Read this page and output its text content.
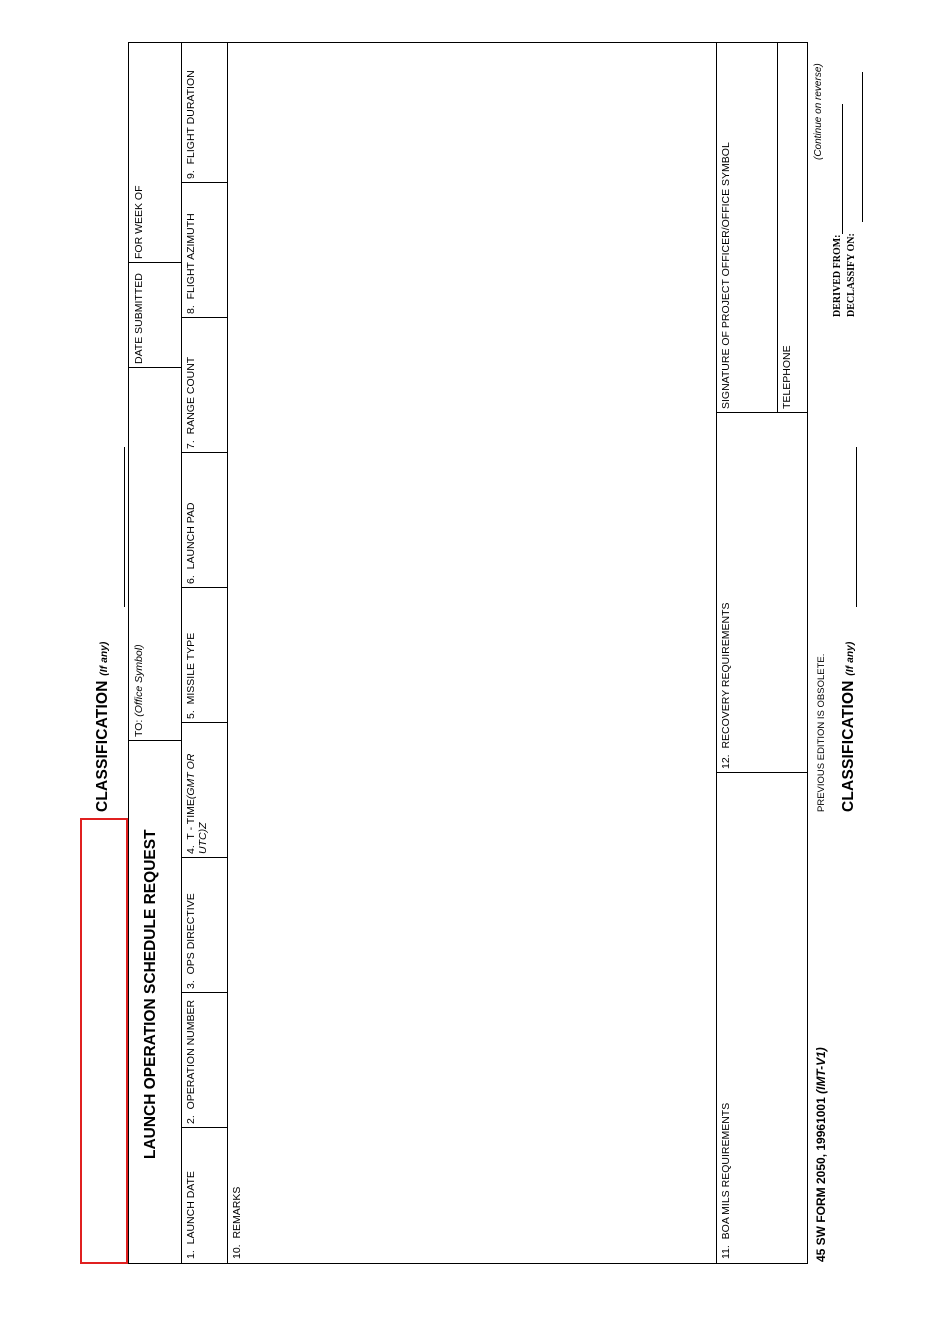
CLASSIFICATION (If any)
LAUNCH OPERATION SCHEDULE REQUEST
TO: (Office Symbol)
DATE SUBMITTED
FOR WEEK OF
1.  LAUNCH DATE
2.  OPERATION NUMBER
3.  OPS DIRECTIVE
4.  T - TIME(GMT OR
UTC)Z
5.  MISSILE TYPE
6.  LAUNCH PAD
7.  RANGE COUNT
8.  FLIGHT AZIMUTH
9.  FLIGHT DURATION
10.  REMARKS
11.  BOA MILS REQUIREMENTS
12.  RECOVERY REQUIREMENTS
SIGNATURE OF PROJECT OFFICER/OFFICE SYMBOL	TELEPHONE
45 SW FORM 2050, 19961001 (IMT-V1)
PREVIOUS EDITION IS OBSOLETE.
(Continue on reverse)
CLASSIFICATION (If any)
DERIVED FROM: DECLASSIFY ON:
